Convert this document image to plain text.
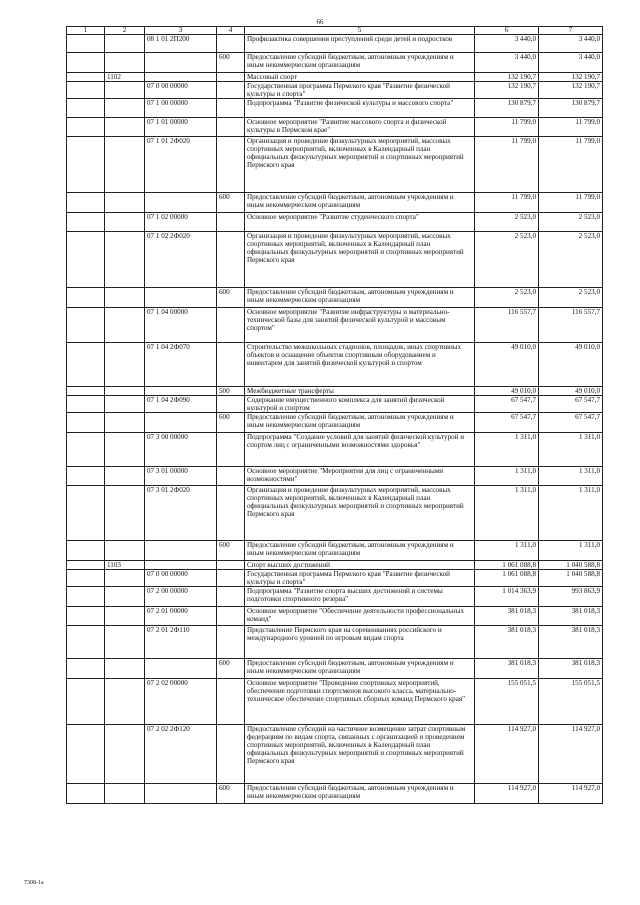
66
1	2	3	4	5	6	7
		08 1 01 2П200		Профилактика совершения преступлений среди детей и подростков	3 440,0	3 440,0
			600	Предоставление субсидий бюджетным, автономным учреждениям и иным некоммерческим организациям	3 440,0	3 440,0
	1102			Массовый спорт	132 190,7	132 190,7
		07 0 00 00000		Государственная программа Пермского края "Развитие физической культуры и спорта"	132 190,7	132 190,7
		07 1 00 00000		Подпрограмма "Развитие физической культуры и массового спорта"	130 879,7	130 879,7
		07 1 01 00000		Основное мероприятие "Развитие массового спорта и физической культуры в Пермском крае"	11 799,0	11 799,0
		07 1 01 2Ф020		Организация и проведение физкультурных мероприятий, массовых спортивных мероприятий, включенных в Календарный план официальных физкультурных мероприятий и спортивных мероприятий Пермского края	11 799,0	11 799,0
			600	Предоставление субсидий бюджетным, автономным учреждениям и иным некоммерческим организациям	11 799,0	11 799,0
		07 1 02 00000		Основное мероприятие "Развитие студенческого спорта"	2 523,0	2 523,0
		07 1 02 2Ф020		Организация и проведение физкультурных мероприятий, массовых спортивных мероприятий, включенных в Календарный план официальных физкультурных мероприятий и спортивных мероприятий Пермского края	2 523,0	2 523,0
			600	Предоставление субсидий бюджетным, автономным учреждениям и иным некоммерческим организациям	2 523,0	2 523,0
		07 1 04 00000		Основное мероприятие "Развитие инфраструктуры и материально-технической базы для занятий физической культурой и массовым спортом"	116 557,7	116 557,7
		07 1 04 2Ф070		Строительство межшкольных стадионов, площадок, иных спортивных объектов и оснащение объектов спортивным оборудованием и инвентарем для занятий физической культурой и спортом	49 010,0	49 010,0
			500	Межбюджетные трансферты	49 010,0	49 010,0
		07 1 04 2Ф090		Содержание имущественного комплекса для занятий физической культурой и спортом	67 547,7	67 547,7
			600	Предоставление субсидий бюджетным, автономным учреждениям и иным некоммерческим организациям	67 547,7	67 547,7
		07 3 00 00000		Подпрограмма "Создание условий для занятий физической культурой и спортом лиц с ограниченными возможностями здоровья"	1 311,0	1 311,0
		07 3 01 00000		Основное мероприятие "Мероприятия для лиц с ограниченными возможностями"	1 311,0	1 311,0
		07 3 01 2Ф020		Организация и проведение физкультурных мероприятий, массовых спортивных мероприятий, включенных в Календарный план официальных физкультурных мероприятий и спортивных мероприятий Пермского края	1 311,0	1 311,0
			600	Предоставление субсидий бюджетным, автономным учреждениям и иным некоммерческим организациям	1 311,0	1 311,0
	1103			Спорт высших достижений	1 061 088,8	1 040 588,8
		07 0 00 00000		Государственная программа Пермского края "Развитие физической культуры и спорта"	1 061 088,8	1 040 588,8
		07 2 00 00000		Подпрограмма "Развитие спорта высших достижений и системы подготовки спортивного резерва"	1 014 363,9	993 863,9
		07 2 01 00000		Основное мероприятие "Обеспечение деятельности профессиональных команд"	381 018,3	381 018,3
		07 2 01 2Ф110		Представление Пермского края на соревнованиях российского и международного уровней по игровым видам спорта	381 018,3	381 018,3
			600	Предоставление субсидий бюджетным, автономным учреждениям и иным некоммерческим организациям	381 018,3	381 018,3
		07 2 02 00000		Основное мероприятие "Проведение спортивных мероприятий, обеспечение подготовки спортсменов высокого класса, материально-техническое обеспечение спортивных сборных команд Пермского края"	155 051,5	155 051,5
		07 2 02 2Ф120		Предоставление субсидий на частичное возмещение затрат спортивным федерациям по видам спорта, связанных с организацией и проведением спортивных мероприятий, включенных в Календарный план официальных физкультурных мероприятий и спортивных мероприятий Пермского края	114 927,0	114 927,0
			600	Предоставление субсидий бюджетным, автономным учреждениям и иным некоммерческим организациям	114 927,0	114 927,0
7308-1а
